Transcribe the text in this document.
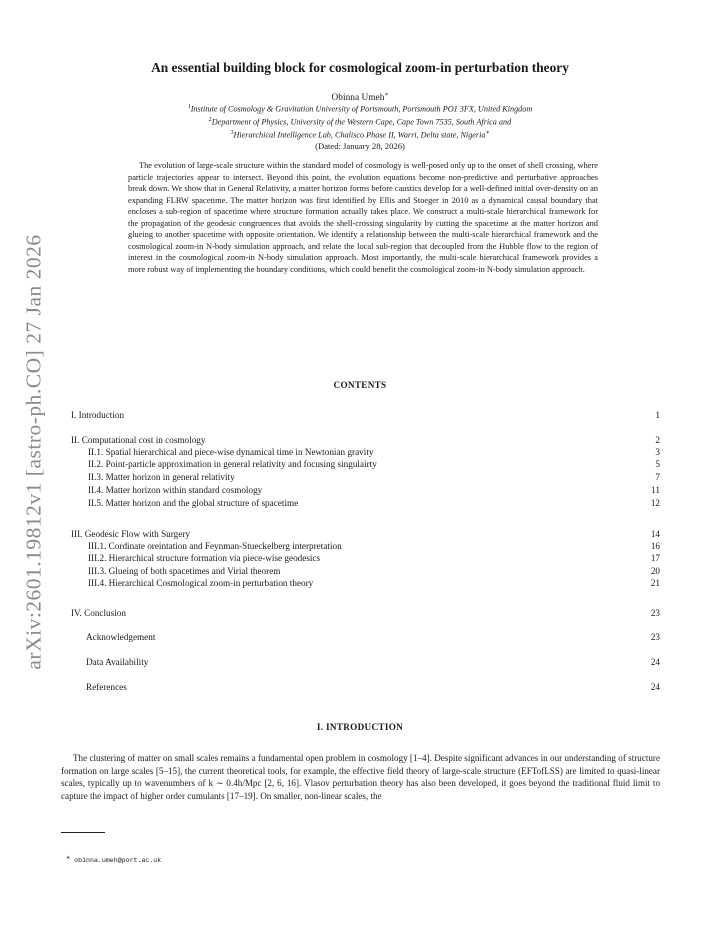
arXiv:2601.19812v1 [astro-ph.CO] 27 Jan 2026
An essential building block for cosmological zoom-in perturbation theory
Obinna Umeh∗
$^1$Institute of Cosmology & Gravitation University of Portsmouth, Portsmouth PO1 3FX, United Kingdom
$^2$Department of Physics, University of the Western Cape, Cape Town 7535, South Africa and
$^3$Hierarchical Intelligence Lab, Chalisco Phase II, Warri, Delta state, Nigeria∗
(Dated: January 28, 2026)

The evolution of large-scale structure within the standard model of cosmology is well-posed only up to the onset of shell crossing, where particle trajectories appear to intersect. Beyond this point, the evolution equations become non-predictive and perturbative approaches break down. We show that in General Relativity, a matter horizon forms before caustics develop for a well-defined initial over-density on an expanding FLRW spacetime. The matter horizon was first identified by Ellis and Stoeger in 2010 as a dynamical causal boundary that encloses a sub-region of spacetime where structure formation actually takes place. We construct a multi-scale hierarchical framework for the propagation of the geodesic congruences that avoids the shell-crossing singularity by cutting the spacetime at the matter horizon and glueing to another spacetime with opposite orientation. We identify a relationship between the multi-scale hierarchical framework and the cosmological zoom-in N-body simulation approach, and relate the local sub-region that decoupled from the Hubble flow to the region of interest in the cosmological zoom-in N-body simulation approach. Most importantly, the multi-scale hierarchical framework provides a more robust way of implementing the boundary conditions, which could benefit the cosmological zoom-in N-body simulation approach.

CONTENTS
I. Introduction	1
II. Computational cost in cosmology	2
II.1. Spatial hierarchical and piece-wise dynamical time in Newtonian gravity	3
II.2. Point-particle approximation in general relativity and focusing singulairty	5
II.3. Matter horizon in general relativity	7
II.4. Matter horizon within standard cosmology	11
II.5. Matter horizon and the global structure of spacetime	12
III. Geodesic Flow with Surgery	14
III.1. Cordinate oreintation and Feynman-Stueckelberg interpretation	16
III.2. Hierarchical structure formation via piece-wise geodesics	17
III.3. Glueing of both spacetimes and Virial theorem	20
III.4. Hierarchical Cosmological zoom-in perturbation theory	21
IV. Conclusion	23
Acknowledgement	23
Data Availability	24
References	24
I. INTRODUCTION

The clustering of matter on small scales remains a fundamental open problem in cosmology [1–4]. Despite significant advances in our understanding of structure formation on large scales [5–15], the current theoretical tools, for example, the effective field theory of large-scale structure (EFTofLSS) are limited to quasi-linear scales, typically up to wavenumbers of k ∼ 0.4h/Mpc [2, 6, 16]. Vlasov perturbation theory has also been developed, it goes beyond the traditional fluid limit to capture the impact of higher order cumulants [17–19]. On smaller, non-linear scales, the

∗ obinna.umeh@port.ac.uk
